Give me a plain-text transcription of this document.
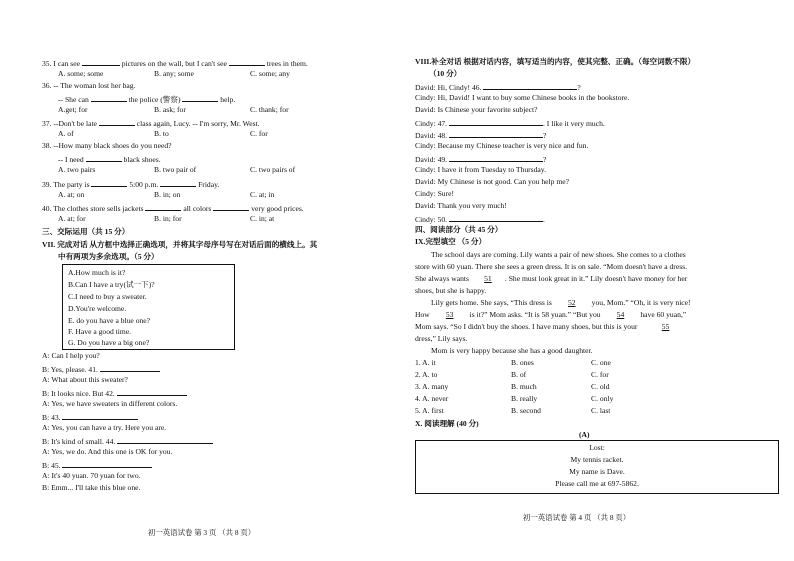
35. I can see	pictures on the wall, but I can't see	trees in them.
A. some; some	B. any; some	C. some; any
36. -- The woman lost her bag.
-- She can	the police (警察)	help.
A.get; for	B. ask; for	C. thank; for
37. --Don't be late	class again, Lucy. -- I'm sorry, Mr. West.
A. of	B. to	C. for
38. --How many black shoes do you need?
-- I need	black shoes.
A. two pairs	B. two pair of	C. two pairs of
39. The party is	5:00 p.m.	Friday.
A. at; on	B. in; on	C. at; in
40. The clothes store sells jackets	all colors	very good prices.
A. at; for	B. in; for	C. in; at
三、交际运用（共 15 分）
VII. 完成对话 从方框中选择正确选项，并将其字母序号写在对话后面的横线上。其
中有两项为多余选项。（5 分）
A.How much is it?
B.Can I have a try(试一下)?
C.I need to buy a sweater.
D.You're welcome.
E. do you have a blue one?
F. Have a good time.
G. Do you have a big one?
A: Can I help you?
B: Yes, please. 41.
A: What about this sweater?
B: It looks nice. But 42.
A: Yes, we have sweaters in different colors.
B: 43.
A: Yes, you can have a try. Here you are.
B: It's kind of small. 44.
A: Yes, we do. And this one is OK for you.
B: 45.
A: It's 40 yuan. 70 yuan for two.
B: Emm... I'll take this blue one.
初一英语试卷 第 3 页 （共 8 页）
VIII.补全对话 根据对话内容，填写适当的内容，使其完整、正确。（每空词数不限）
（10 分）
David: Hi, Cindy! 46.	?
Cindy: Hi, David! I want to buy some Chinese books in the bookstore.
David: Is Chinese your favorite subject?
Cindy: 47.	. I like it very much.
David: 48.	?
Cindy: Because my Chinese teacher is very nice and fun.
David: 49.	?
Cindy: I have it from Tuesday to Thursday.
David: My Chinese is not good. Can you help me?
Cindy: Sure!
David: Thank you very much!
Cindy: 50.	.
四、阅读部分（共 45 分）
IX.完型填空 （5 分）
The school days are coming. Lily wants a pair of new shoes. She comes to a clothes
store with 60 yuan. There she sees a green dress. It is on sale. “Mom doesn't have a dress.
She always wants 51 . She must look great in it.” Lily doesn't have money for her
shoes, but she is happy.
Lily gets home. She says, “This dress is 52 you, Mom.” “Oh, it is very nice!
How 53 is it?” Mom asks. “It is 58 yuan.” “But you 54 have 60 yuan,”
Mom says. “So I didn't buy the shoes. I have many shoes, but this is your	55
dress,” Lily says.
Mom is very happy because she has a good daughter.
1. A. it	B. ones	C. one
2. A. to	B. of	C. for
3. A. many	B. much	C. old
4. A. never	B. really	C. only
5. A. first	B. second	C. last
X. 阅读理解 (40 分)
(A)
Lost:
My tennis racket.
My name is Dave.
Please call me at 697-5862.
初一英语试卷 第 4 页 （共 8 页）
